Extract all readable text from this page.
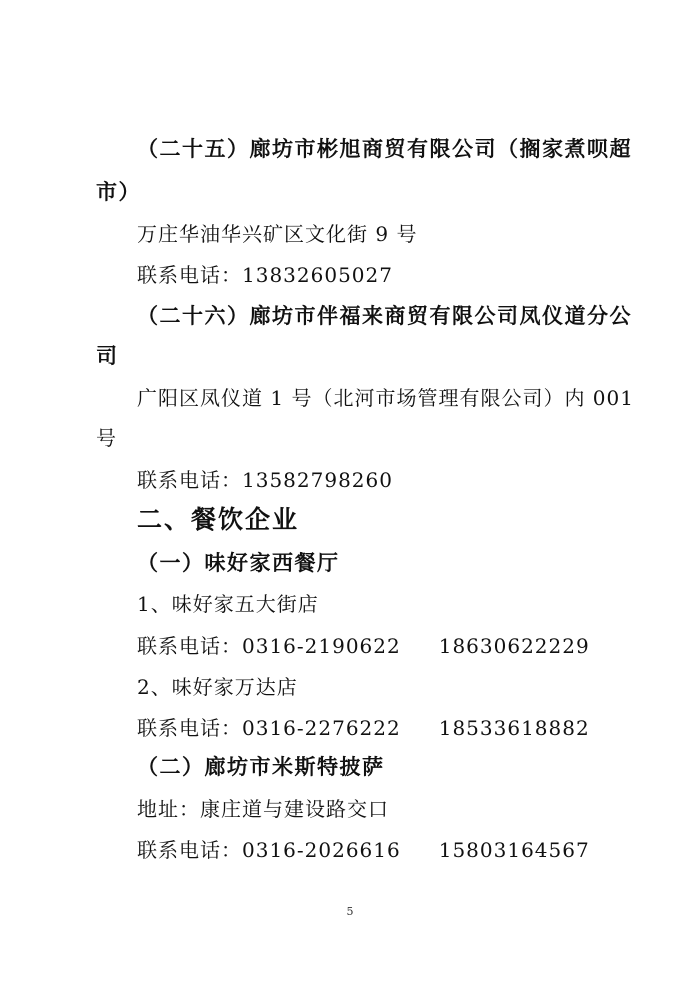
（二十五）廊坊市彬旭商贸有限公司（搁家煮呗超
市）
万庄华油华兴矿区文化街 9 号
联系电话：13832605027
（二十六）廊坊市伴福来商贸有限公司凤仪道分公
司
广阳区凤仪道 1 号（北河市场管理有限公司）内 001
号
联系电话：13582798260
二、餐饮企业
（一）味好家西餐厅
1、味好家五大街店
联系电话：0316-2190622 18630622229
2、味好家万达店
联系电话：0316-2276222 18533618882
（二）廊坊市米斯特披萨
地址：康庄道与建设路交口
联系电话：0316-2026616 15803164567
5
